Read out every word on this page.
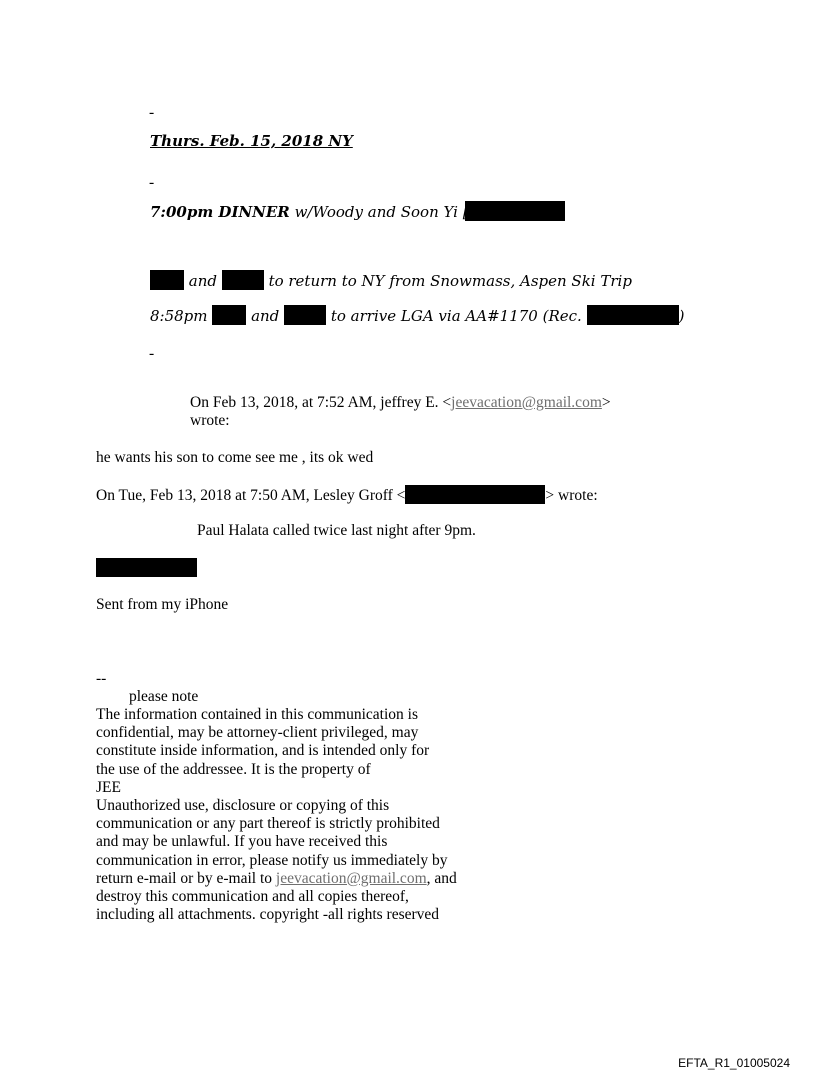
-
Thurs. Feb. 15, 2018 NY
-
7:00pm DINNER w/Woody and Soon Yi
and	to return to NY from Snowmass, Aspen Ski Trip
8:58pm	and	to arrive LGA via AA#1170 (Rec.	)
-
On Feb 13, 2018, at 7:52 AM, jeffrey E. <jeevacation@gmail.com>
wrote:
he wants his son to come see me , its ok wed
On Tue, Feb 13, 2018 at 7:50 AM, Lesley Groff <	> wrote:
Paul Halata called twice last night after 9pm.
Sent from my iPhone
--
please note
The information contained in this communication is
confidential, may be attorney-client privileged, may
constitute inside information, and is intended only for
the use of the addressee. It is the property of
JEE
Unauthorized use, disclosure or copying of this
communication or any part thereof is strictly prohibited
and may be unlawful. If you have received this
communication in error, please notify us immediately by
return e-mail or by e-mail to jeevacation@gmail.com, and
destroy this communication and all copies thereof,
including all attachments. copyright -all rights reserved
EFTA_R1_01005024
